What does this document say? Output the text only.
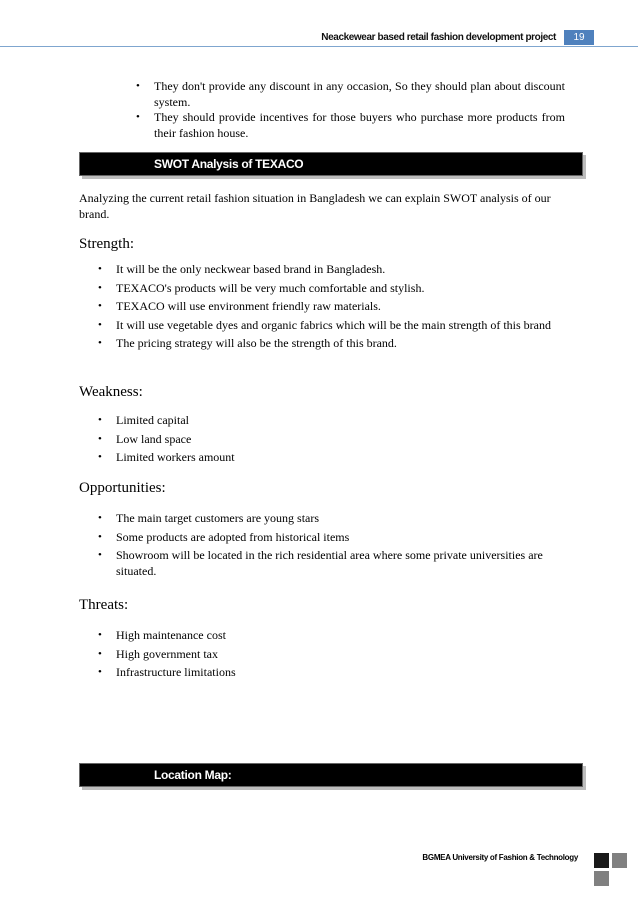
Neackewear based retail fashion development project	19
• They don't provide any discount in any occasion, So they should plan about discount system.
• They should provide incentives for those buyers who purchase more products from their fashion house.
SWOT Analysis of TEXACO

Analyzing the current retail fashion situation in Bangladesh we can explain SWOT analysis of our brand.

Strength:
• It will be the only neckwear based brand in Bangladesh.
• TEXACO's products will be very much comfortable and stylish.
• TEXACO will use environment friendly raw materials.
• It will use vegetable dyes and organic fabrics which will be the main strength of this brand
• The pricing strategy will also be the strength of this brand.
Weakness:
• Limited capital
• Low land space
• Limited workers amount
Opportunities:
• The main target customers are young stars
• Some products are adopted from historical items
• Showroom will be located in the rich residential area where some private universities are situated.
Threats:
• High maintenance cost
• High government tax
• Infrastructure limitations
Location Map:
BGMEA University of Fashion & Technology
